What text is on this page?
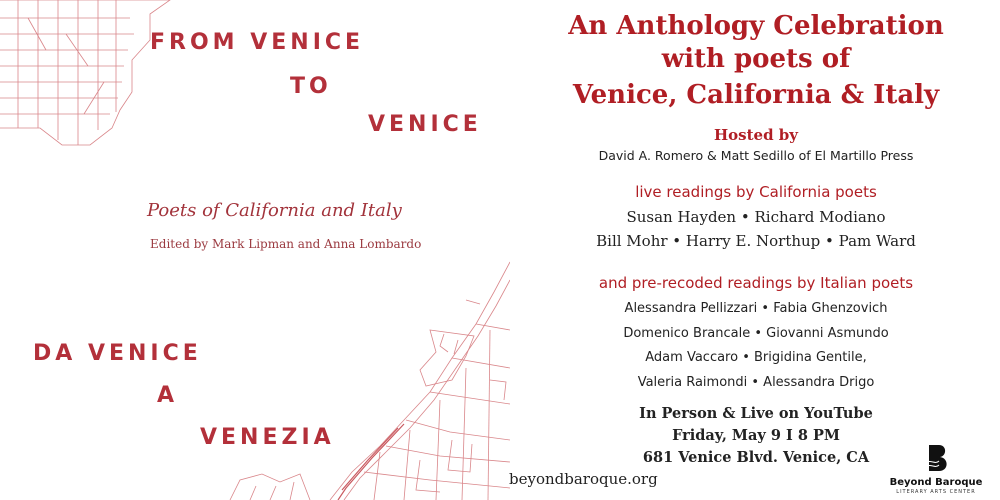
FROM VENICE
TO
VENICE

Poets of California and Italy

Edited by Mark Lipman and Anna Lombardo

DA VENICE
A
VENEZIA
An Anthology Celebration
with poets of
Venice, California & Italy

Hosted by

David A. Romero & Matt Sedillo of El Martillo Press

live readings by California poets

Susan Hayden • Richard Modiano

Bill Mohr • Harry E. Northup • Pam Ward

and pre-recoded readings by Italian poets

Alessandra Pellizzari • Fabia Ghenzovich

Domenico Brancale • Giovanni Asmundo

Adam Vaccaro • Brigidina Gentile,

Valeria Raimondi • Alessandra Drigo

In Person & Live on YouTube

Friday, May 9 I 8 PM

681 Venice Blvd. Venice, CA

beyondbaroque.org	Beyond Baroque

LITERARY ARTS CENTER
